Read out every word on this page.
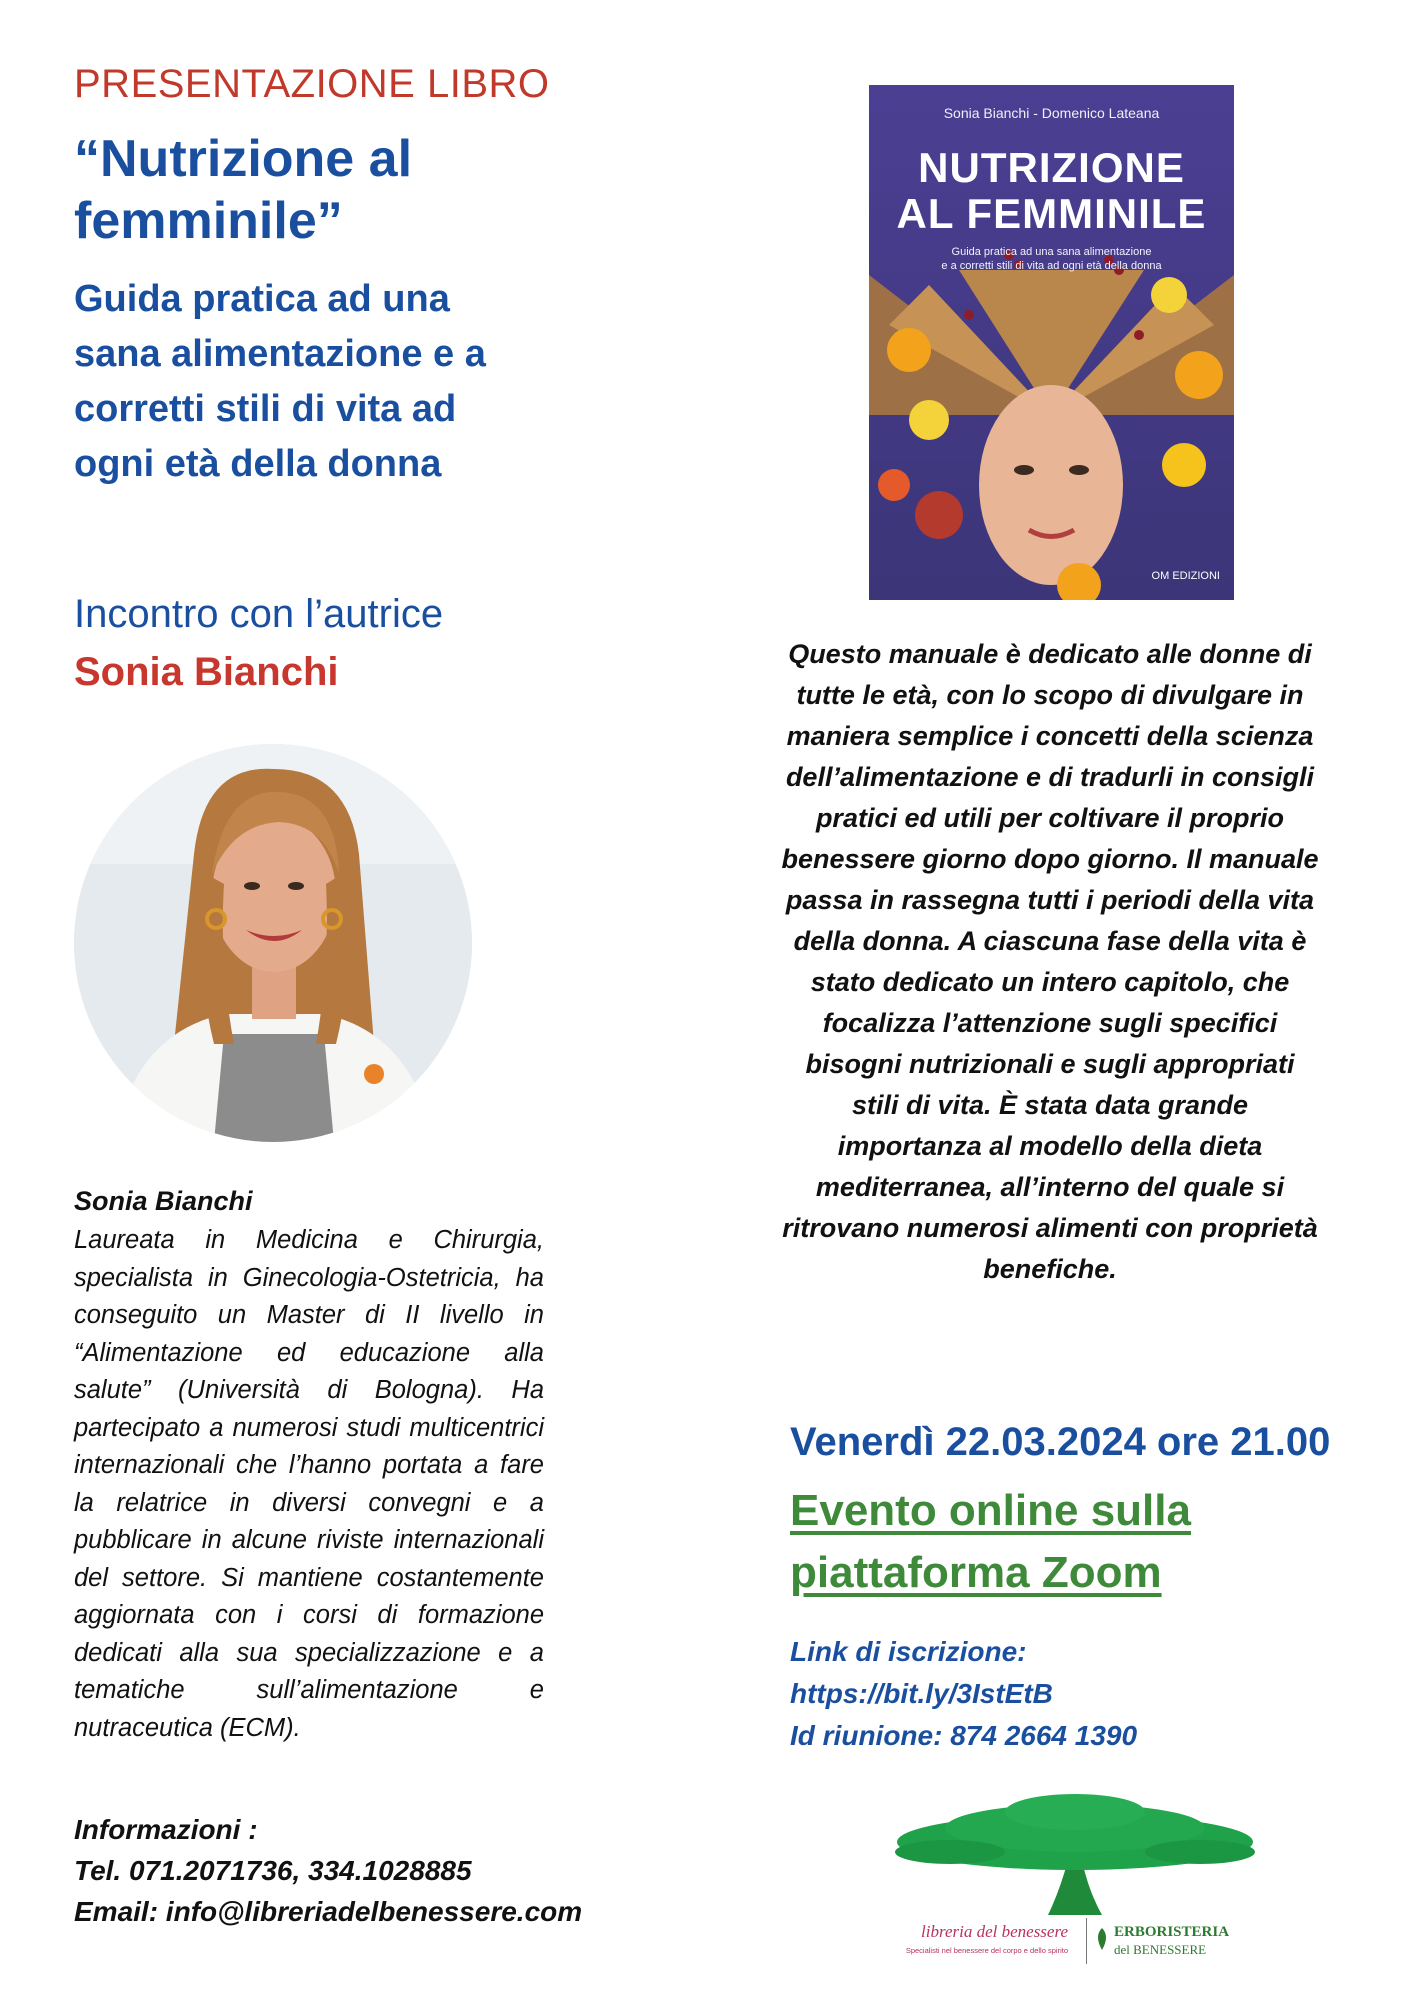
PRESENTAZIONE LIBRO
“Nutrizione al femminile”
Guida pratica ad una sana alimentazione e a corretti stili di vita ad ogni età della donna
Incontro con l’autrice
Sonia Bianchi
Sonia Bianchi
Laureata in Medicina e Chirurgia, specialista in Ginecologia-Ostetricia, ha conseguito un Master di II livello in “Alimentazione ed educazione alla salute” (Università di Bologna). Ha partecipato a numerosi studi multicentrici internazionali che l’hanno portata a fare la relatrice in diversi convegni e a pubblicare in alcune riviste internazionali del settore. Si mantiene costantemente aggiornata con i corsi di formazione dedicati alla sua specializzazione e a tematiche sull’alimentazione e nutraceutica (ECM).
Informazioni :
Tel. 071.2071736, 334.1028885
Email: info@libreriadelbenessere.com
Sonia Bianchi - Domenico Lateana
NUTRIZIONE
AL FEMMINILE
Guida pratica ad una sana alimentazione
e a corretti stili di vita ad ogni età della donna
OM EDIZIONI
Questo manuale è dedicato alle donne di tutte le età, con lo scopo di divulgare in maniera semplice i concetti della scienza dell’alimentazione e di tradurli in consigli pratici ed utili per coltivare il proprio benessere giorno dopo giorno. Il manuale passa in rassegna tutti i periodi della vita della donna. A ciascuna fase della vita è stato dedicato un intero capitolo, che focalizza l’attenzione sugli specifici bisogni nutrizionali e sugli appropriati stili di vita. È stata data grande importanza al modello della dieta mediterranea, all’interno del quale si ritrovano numerosi alimenti con proprietà benefiche.
Venerdì 22.03.2024 ore 21.00
Evento online sulla piattaforma Zoom
Link di iscrizione:
https://bit.ly/3IstEtB
Id riunione: 874 2664 1390
libreria del benessere
Specialisti nel benessere del corpo e dello spirito
ERBORISTERIA
del BENESSERE
